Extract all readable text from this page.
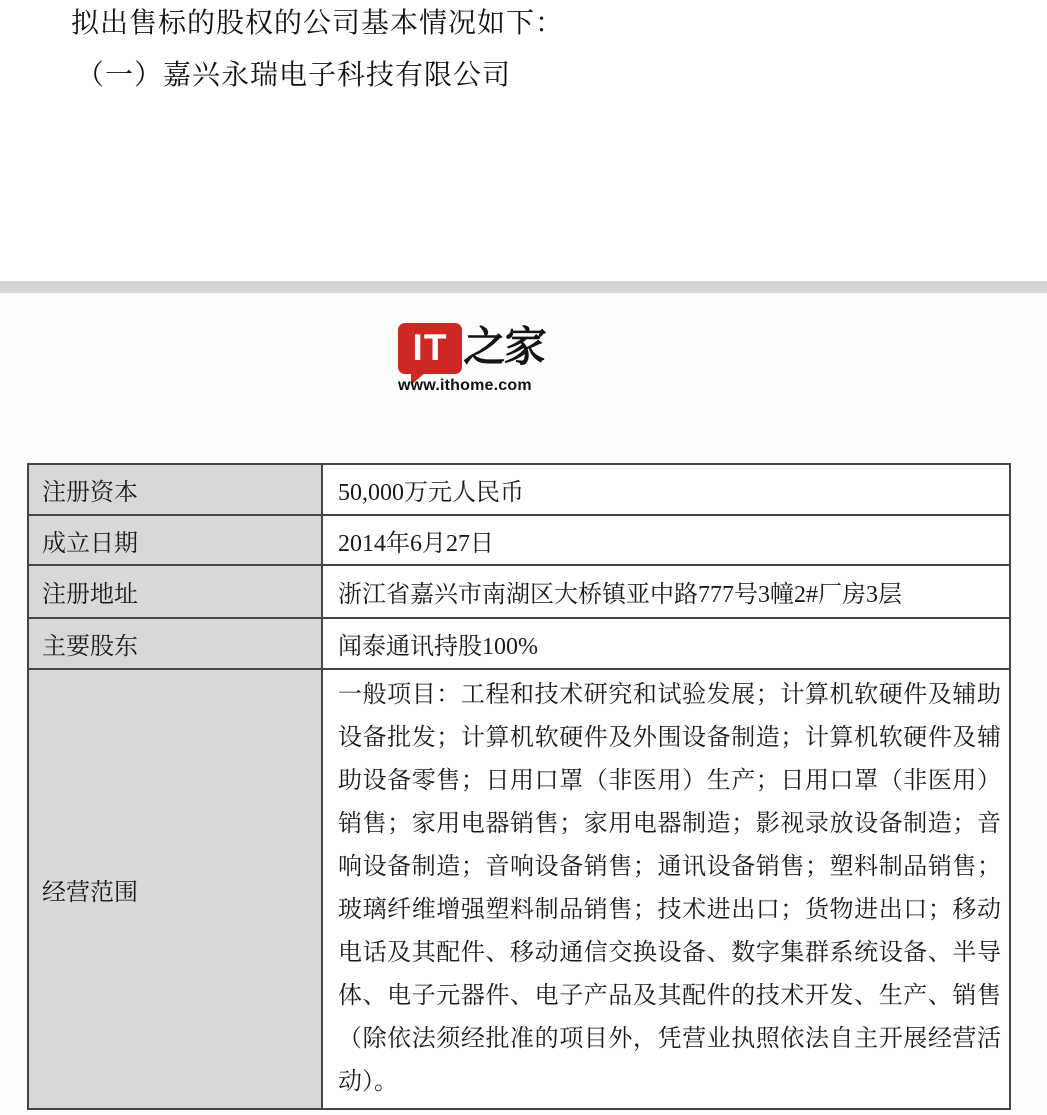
拟出售标的股权的公司基本情况如下：
（一）嘉兴永瑞电子科技有限公司
IT 之家
www.ithome.com
注册资本	50,000万元人民币
成立日期	2014年6月27日
注册地址	浙江省嘉兴市南湖区大桥镇亚中路777号3幢2#厂房3层
主要股东	闻泰通讯持股100%
经营范围	一般项目：工程和技术研究和试验发展；计算机软硬件及辅助设备批发；计算机软硬件及外围设备制造；计算机软硬件及辅助设备零售；日用口罩（非医用）生产；日用口罩（非医用）销售；家用电器销售；家用电器制造；影视录放设备制造；音响设备制造；音响设备销售；通讯设备销售；塑料制品销售；玻璃纤维增强塑料制品销售；技术进出口；货物进出口；移动电话及其配件、移动通信交换设备、数字集群系统设备、半导体、电子元器件、电子产品及其配件的技术开发、生产、销售（除依法须经批准的项目外，凭营业执照依法自主开展经营活动）。
